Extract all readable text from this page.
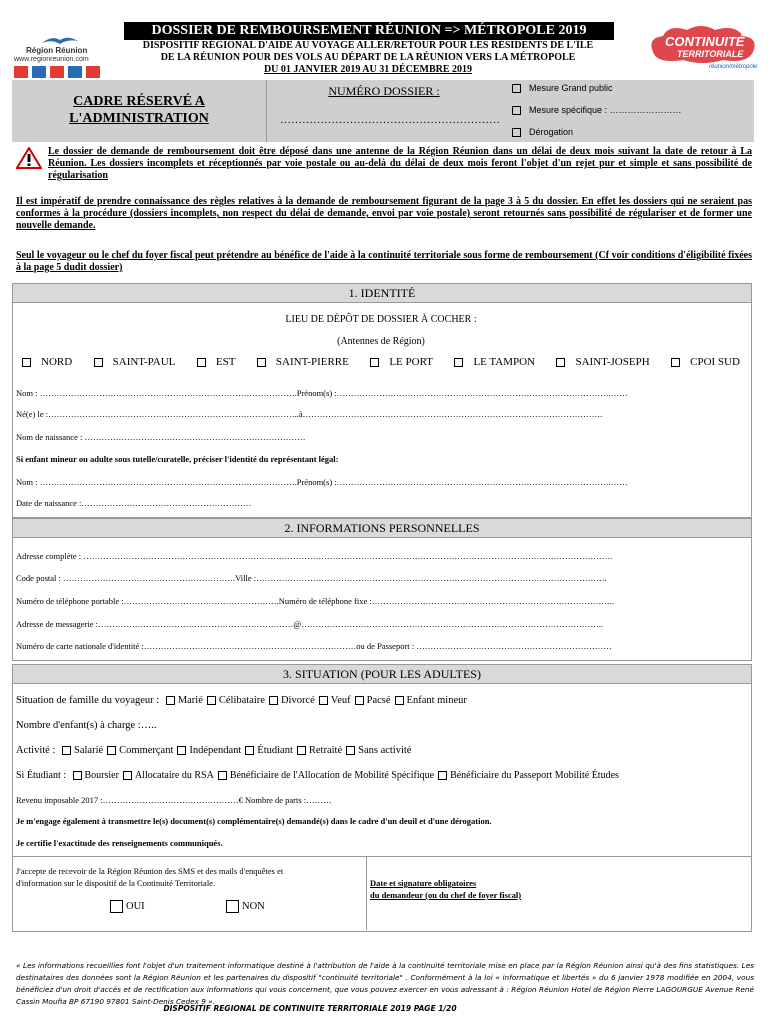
Région Réunion
www.regionreunion.com
CONTINUITÉ
TERRITORIALE
réunion/métropole
DOSSIER DE REMBOURSEMENT RÉUNION => MÉTROPOLE 2019
DISPOSITIF RÉGIONAL D'AIDE AU VOYAGE ALLER/RETOUR POUR LES RÉSIDENTS DE L'ÎLE
DE LA RÉUNION POUR DES VOLS AU DÉPART DE LA RÉUNION VERS LA MÉTROPOLE
DU 01 JANVIER 2019 AU 31 DÉCEMBRE 2019
CADRE RÉSERVÉ A
L'ADMINISTRATION
NUMÉRO DOSSIER :
……………………………………………………
Mesure Grand public
Mesure spécifique : ……………………
Dérogation
Le dossier de demande de remboursement doit être déposé dans une antenne de la Région Réunion dans un délai de deux mois suivant la date de retour à La Réunion. Les dossiers incomplets et réceptionnés par voie postale ou au-delà du délai de deux mois feront l'objet d'un rejet pur et simple et sans possibilité de régularisation
Il est impératif de prendre connaissance des règles relatives à la demande de remboursement figurant de la page 3 à 5 du dossier. En effet les dossiers qui ne seraient pas conformes à la procédure (dossiers incomplets, non respect du délai de demande, envoi par voie postale) seront retournés sans possibilité de régulariser et de former une nouvelle demande.
Seul le voyageur ou le chef du foyer fiscal peut prétendre au bénéfice de l'aide à la continuité territoriale sous forme de remboursement (Cf voir conditions d'éligibilité fixées à la page 5 dudit dossier)
1. IDENTITÉ
LIEU DE DÉPÔT DE DOSSIER À COCHER :
(Antennes de Région)
NORD	SAINT-PAUL	EST	SAINT-PIERRE	LE PORT	LE TAMPON	SAINT-JOSEPH	CPOI SUD
Nom : ……………………………………………………………………………….Prénom(s) :…………………………………………………………………………………….……
Né(e) le :……………………………………………………………………………..à…………………………………………………………………………………………….
Nom de naissance : ……………………………………………………………………
Si enfant mineur ou adulte sous tutelle/curatelle, préciser l'identité du représentant légal:
Nom : ……………………………………………………………………………….Prénom(s) :…………………………………………………………………………………….……
Date de naissance :……………………………………………………
2. INFORMATIONS PERSONNELLES
Adresse complète : …………………………………………………………………………………………………………………………………………………………………….
Code postal : …………………………………………………….Ville :…………………………………………………………………………………………………………….
Numéro de téléphone portable :……………………………………………….Numéro de téléphone fixe :…………………………………………………………………………..
Adresse de messagerie :……………………………………………………………@……………………………………………………………………………………………..
Numéro de carte nationale d'identité :…………………………………………………………………ou de Passeport : ……………………………………………………………
3. SITUATION (POUR LES ADULTES)
Situation de famille du voyageur : Marié Célibataire Divorcé Veuf Pacsé Enfant mineur
Nombre d'enfant(s) à charge :…..
Activité : Salarié Commerçant Indépendant Étudiant Retraité Sans activité
Si Étudiant : Boursier Allocataire du RSA Bénéficiaire de l'Allocation de Mobilité Spécifique Bénéficiaire du Passeport Mobilité Études
Revenu imposable 2017 :…………………………………………€ Nombre de parts :………
Je m'engage également à transmettre le(s) document(s) complémentaire(s) demandé(s) dans le cadre d'un deuil et d'une dérogation.
Je certifie l'exactitude des renseignements communiqués.
J'accepte de recevoir de la Région Réunion des SMS et des mails d'enquêtes et
d'information sur le dispositif de la Continuité Territoriale.
OUI	NON
Date et signature obligatoires
du demandeur (ou du chef de foyer fiscal)
« Les informations recueillies font l'objet d'un traitement informatique destiné à l'attribution de l'aide à la continuité territoriale mise en place par la Région Réunion ainsi qu'à des fins statistiques. Les destinataires des données sont la Région Réunion et les partenaires du dispositif "continuité territoriale" . Conformément à la loi « informatique et libertés » du 6 janvier 1978 modifiée en 2004, vous bénéficiez d'un droit d'accès et de rectification aux informations qui vous concernent, que vous pouvez exercer en vous adressant à : Région Réunion Hotel de Région Pierre LAGOURGUE Avenue René Cassin Moufia BP 67190 97801 Saint-Denis Cedex 9 ».
DISPOSITIF REGIONAL DE CONTINUITE TERRITORIALE 2019 PAGE 1/20
